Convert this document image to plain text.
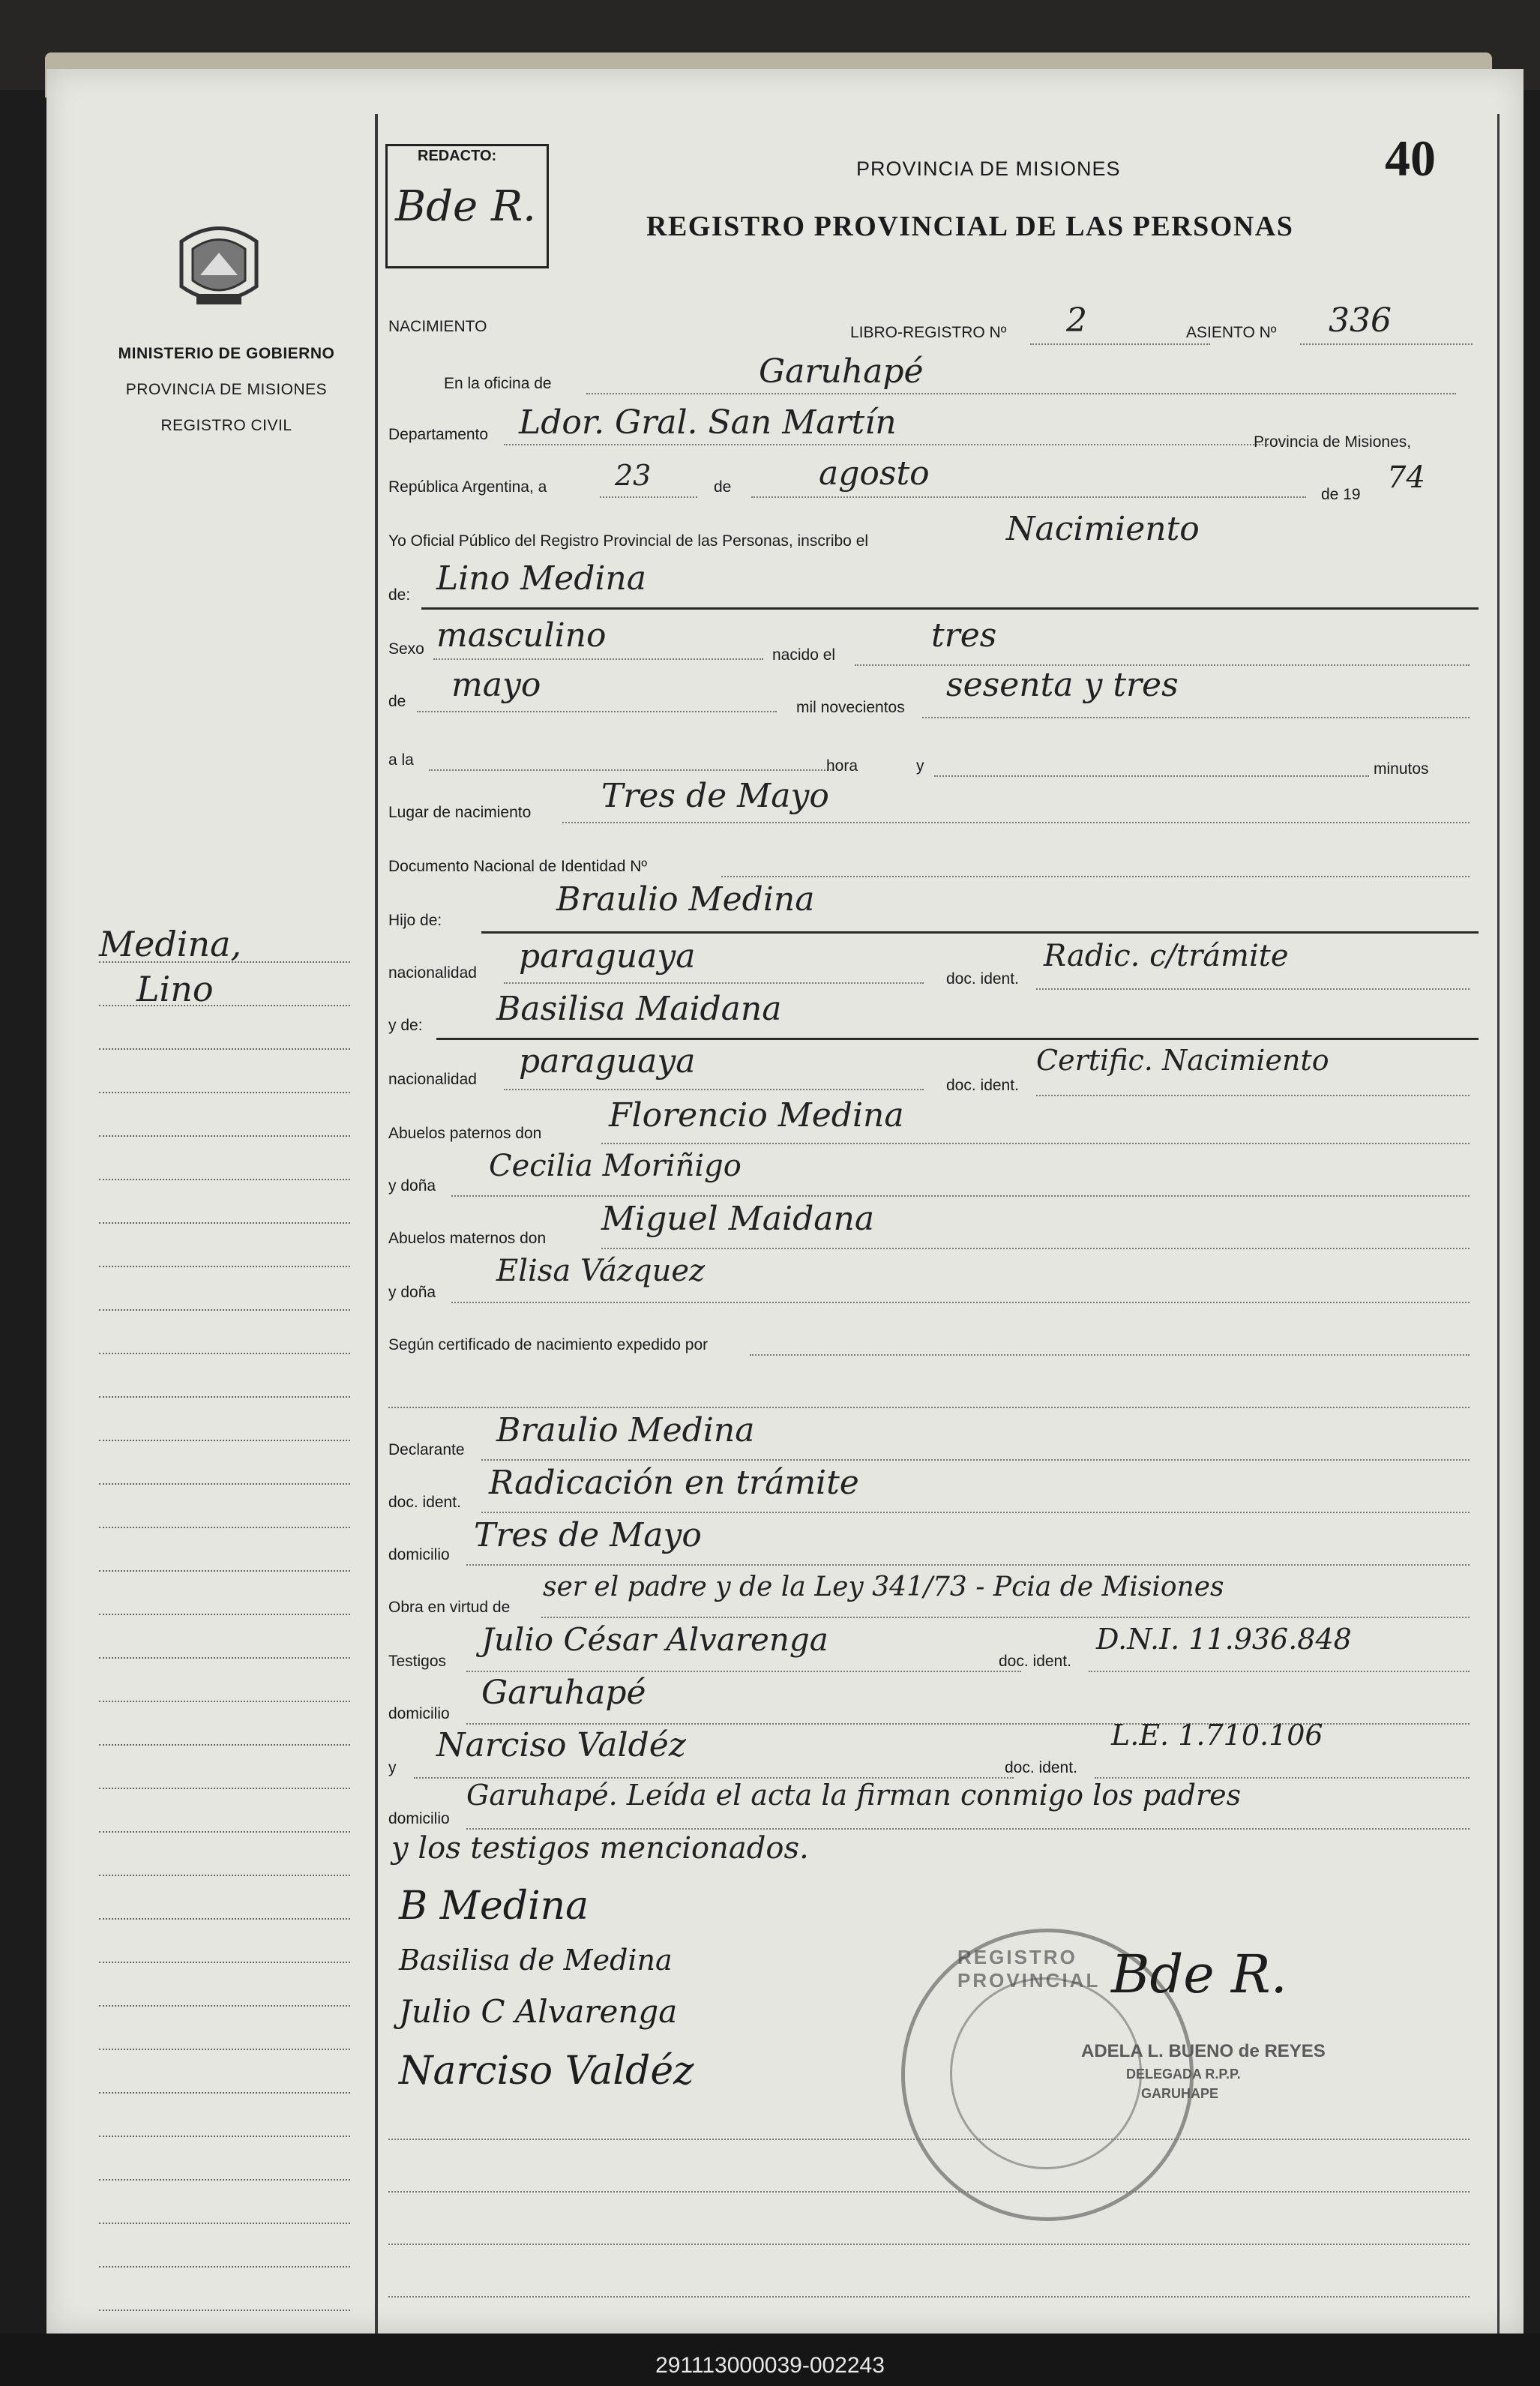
MINISTERIO DE GOBIERNO
PROVINCIA DE MISIONES
REGISTRO CIVIL
Medina,
Lino
REDACTO:
Bde R.
40
PROVINCIA DE MISIONES
REGISTRO PROVINCIAL DE LAS PERSONAS
NACIMIENTO	LIBRO-REGISTRO Nº 2	ASIENTO Nº 336
En la oficina de	Garuhapé
Departamento Ldor. Gral. San Martín
Provincia de Misiones,
República Argentina, a 23	de	agosto
de 19 74
Yo Oficial Público del Registro Provincial de las Personas, inscribo el	Nacimiento
de: Lino Medina
Sexo masculino
nacido el
tres
de mayo
mil novecientos
sesenta y tres
a la	hora	y	minutos
Lugar de nacimiento Tres de Mayo
Documento Nacional de Identidad Nº
Hijo de:
Braulio Medina
nacionalidad paraguaya
doc. ident.
Radic. c/trámite
y de: Basilisa Maidana
nacionalidad paraguaya
doc. ident.
Certific. Nacimiento
Abuelos paternos don Florencio Medina
y doña
Cecilia Moriñigo
Abuelos maternos don
Miguel Maidana
y doña
Elisa Vázquez
Según certificado de nacimiento expedido por
Declarante
Braulio Medina
doc. ident.
Radicación en trámite
domicilio
Tres de Mayo
Obra en virtud de
ser el padre y de la Ley 341/73 - Pcia de Misiones
Testigos
Julio César Alvarenga
doc. ident.
D.N.I. 11.936.848
domicilio
Garuhapé
y
Narciso Valdéz
doc. ident.
L.E. 1.710.106
domicilio
Garuhapé. Leída el acta la firman conmigo los padres
y los testigos mencionados.
B Medina
Basilisa de Medina
Julio C Alvarenga
Narciso Valdéz
REGISTRO PROVINCIAL Bde R.
ADELA L. BUENO de REYES
DELEGADA R.P.P.
GARUHAPE
291113000039-002243
